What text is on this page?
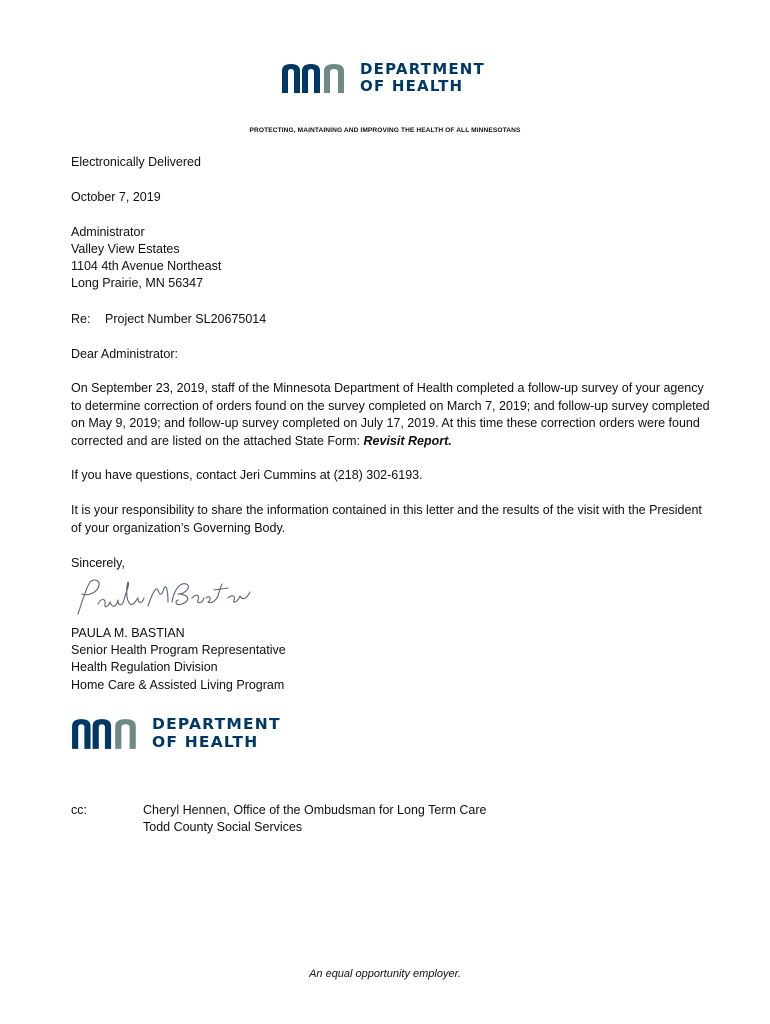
DEPARTMENT
OF HEALTH
PROTECTING, MAINTAINING AND IMPROVING THE HEALTH OF ALL MINNESOTANS
Electronically Delivered
October 7, 2019
Administrator
Valley View Estates
1104 4th Avenue Northeast
Long Prairie, MN 56347
Re: Project Number SL20675014
Dear Administrator:
On September 23, 2019, staff of the Minnesota Department of Health completed a follow-up survey of your agency to determine correction of orders found on the survey completed on March 7, 2019; and follow-up survey completed on May 9, 2019; and follow-up survey completed on July 17, 2019. At this time these correction orders were found corrected and are listed on the attached State Form: Revisit Report.
If you have questions, contact Jeri Cummins at (218) 302-6193.
It is your responsibility to share the information contained in this letter and the results of the visit with the President of your organization’s Governing Body.
Sincerely,
PAULA M. BASTIAN
Senior Health Program Representative
Health Regulation Division
Home Care & Assisted Living Program
DEPARTMENT
OF HEALTH
cc:	Cheryl Hennen, Office of the Ombudsman for Long Term Care
Todd County Social Services
An equal opportunity employer.
